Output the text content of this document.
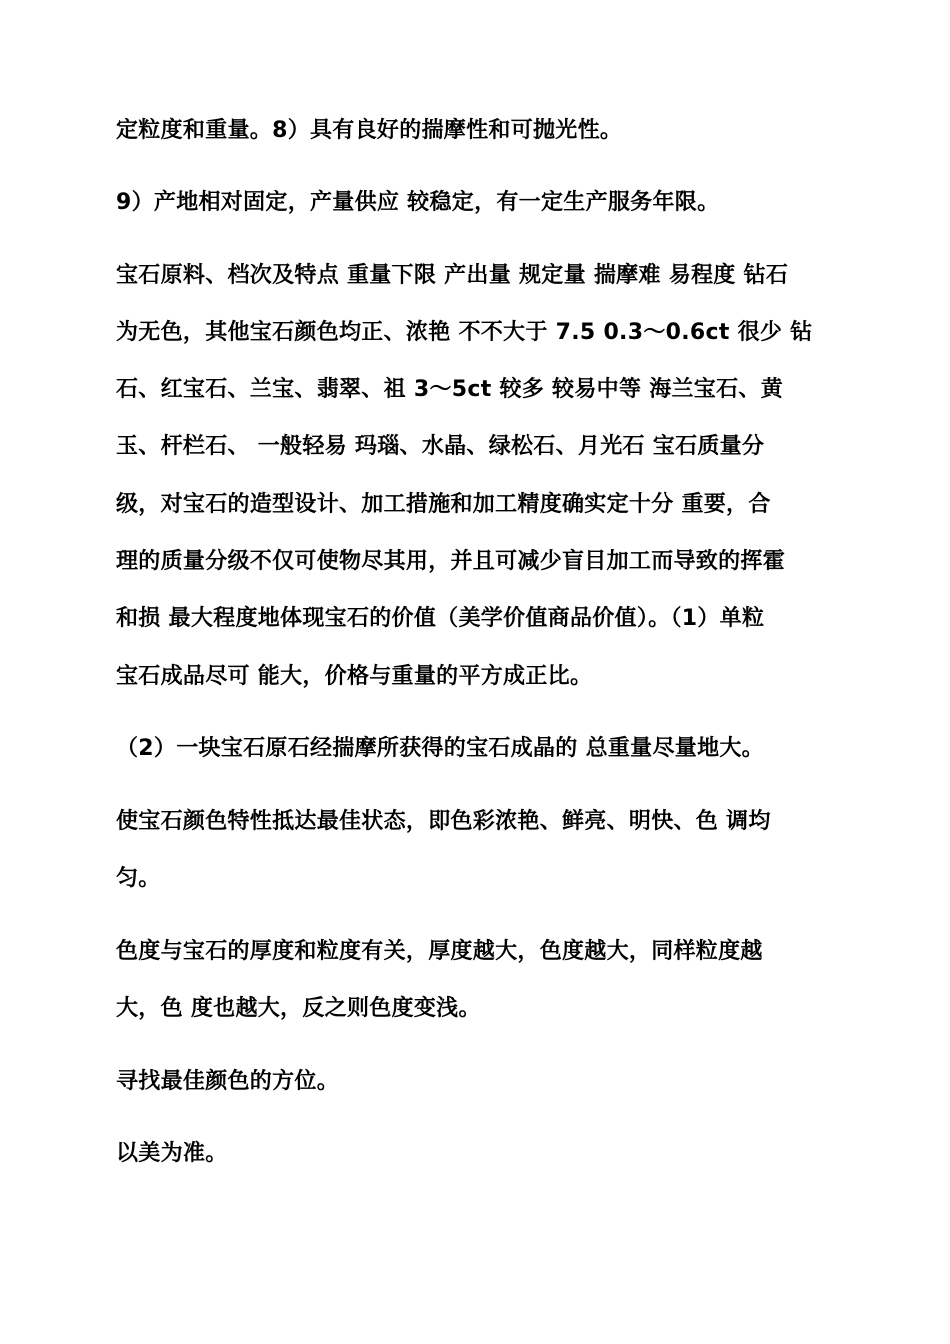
定粒度和重量。8）具有良好的揣摩性和可抛光性。
9）产地相对固定，产量供应 较稳定，有一定生产服务年限。
宝石原料、档次及特点 重量下限 产出量 规定量 揣摩难 易程度 钻石
为无色，其他宝石颜色均正、浓艳 不不大于 7.5 0.3～0.6ct 很少 钻
石、红宝石、兰宝、翡翠、祖 3～5ct 较多 较易中等 海兰宝石、黄
玉、杆栏石、 一般轻易 玛瑙、水晶、绿松石、月光石 宝石质量分
级，对宝石的造型设计、加工措施和加工精度确实定十分 重要，合
理的质量分级不仅可使物尽其用，并且可减少盲目加工而导致的挥霍
和损 最大程度地体现宝石的价值（美学价值商品价值）。（1）单粒
宝石成品尽可 能大，价格与重量的平方成正比。
（2）一块宝石原石经揣摩所获得的宝石成晶的 总重量尽量地大。
使宝石颜色特性抵达最佳状态，即色彩浓艳、鲜亮、明快、色 调均
匀。
色度与宝石的厚度和粒度有关，厚度越大，色度越大，同样粒度越
大，色 度也越大，反之则色度变浅。
寻找最佳颜色的方位。
以美为准。
